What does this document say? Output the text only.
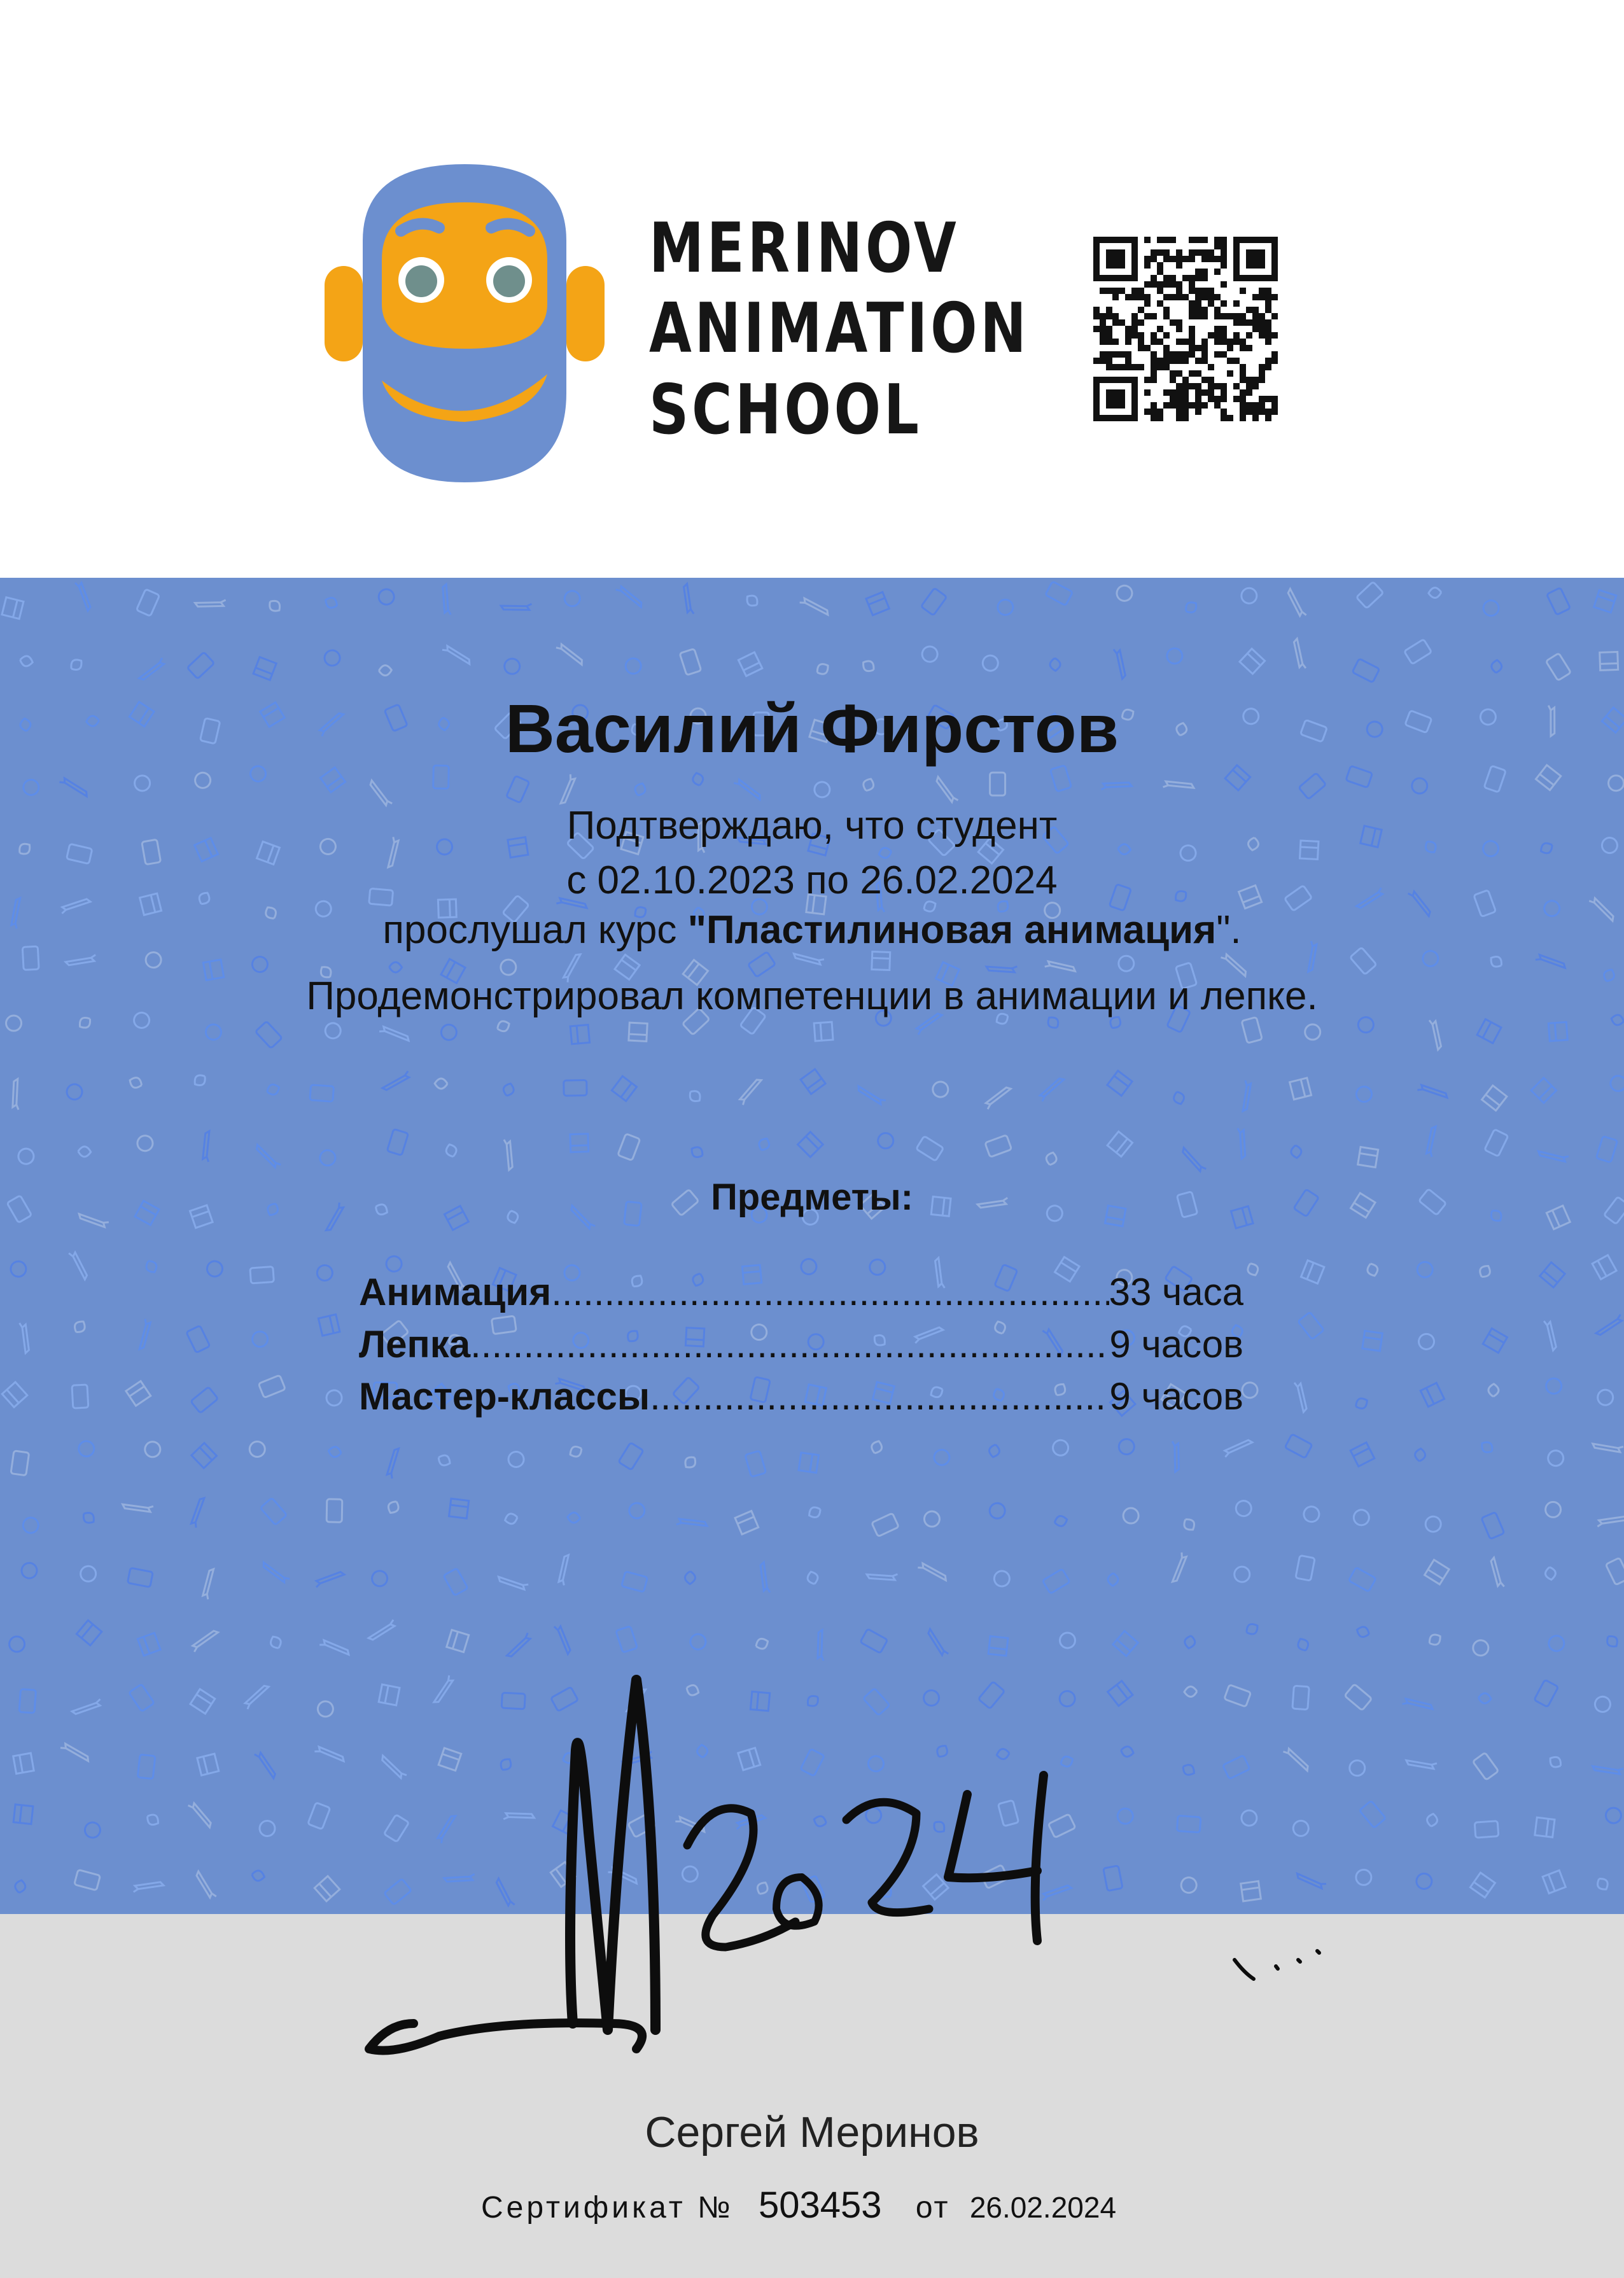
MERINOV
ANIMATION
SCHOOL
Василий Фирстов
Подтверждаю, что студент
с 02.10.2023 по 26.02.2024
прослушал курс "Пластилиновая анимация".
Продемонстрировал компетенции в анимации и лепке.
Предметы:
Анимация .....	33 часа
Лепка .....	9 часов
Мастер-классы .....	9 часов
Сергей Меринов
Сертификат № 503453 от 26.02.2024
